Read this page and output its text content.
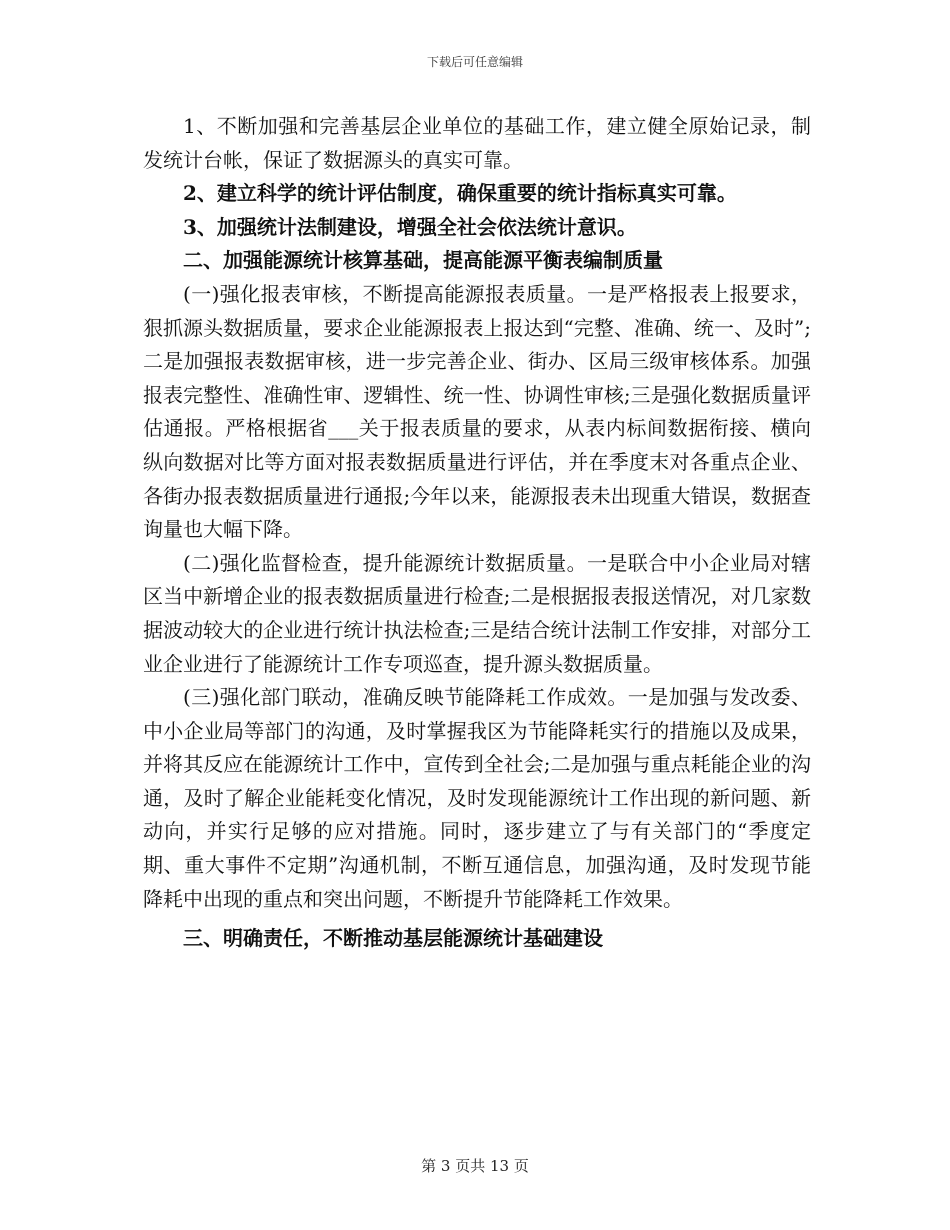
下载后可任意编辑

1、不断加强和完善基层企业单位的基础工作，建立健全原始记录，制发统计台帐，保证了数据源头的真实可靠。

2、建立科学的统计评估制度，确保重要的统计指标真实可靠。

3、加强统计法制建设，增强全社会依法统计意识。

二、加强能源统计核算基础，提高能源平衡表编制质量

(一)强化报表审核，不断提高能源报表质量。一是严格报表上报要求，狠抓源头数据质量，要求企业能源报表上报达到“完整、准确、统一、及时”;二是加强报表数据审核，进一步完善企业、街办、区局三级审核体系。加强报表完整性、准确性审、逻辑性、统一性、协调性审核;三是强化数据质量评估通报。严格根据省___关于报表质量的要求，从表内标间数据衔接、横向纵向数据对比等方面对报表数据质量进行评估，并在季度末对各重点企业、各街办报表数据质量进行通报;今年以来，能源报表未出现重大错误，数据查询量也大幅下降。

(二)强化监督检查，提升能源统计数据质量。一是联合中小企业局对辖区当中新增企业的报表数据质量进行检查;二是根据报表报送情况，对几家数据波动较大的企业进行统计执法检查;三是结合统计法制工作安排，对部分工业企业进行了能源统计工作专项巡查，提升源头数据质量。

(三)强化部门联动，准确反映节能降耗工作成效。一是加强与发改委、中小企业局等部门的沟通，及时掌握我区为节能降耗实行的措施以及成果，并将其反应在能源统计工作中，宣传到全社会;二是加强与重点耗能企业的沟通，及时了解企业能耗变化情况，及时发现能源统计工作出现的新问题、新动向，并实行足够的应对措施。同时，逐步建立了与有关部门的“季度定期、重大事件不定期”沟通机制，不断互通信息，加强沟通，及时发现节能降耗中出现的重点和突出问题，不断提升节能降耗工作效果。

三、明确责任，不断推动基层能源统计基础建设

第 3 页共 13 页
